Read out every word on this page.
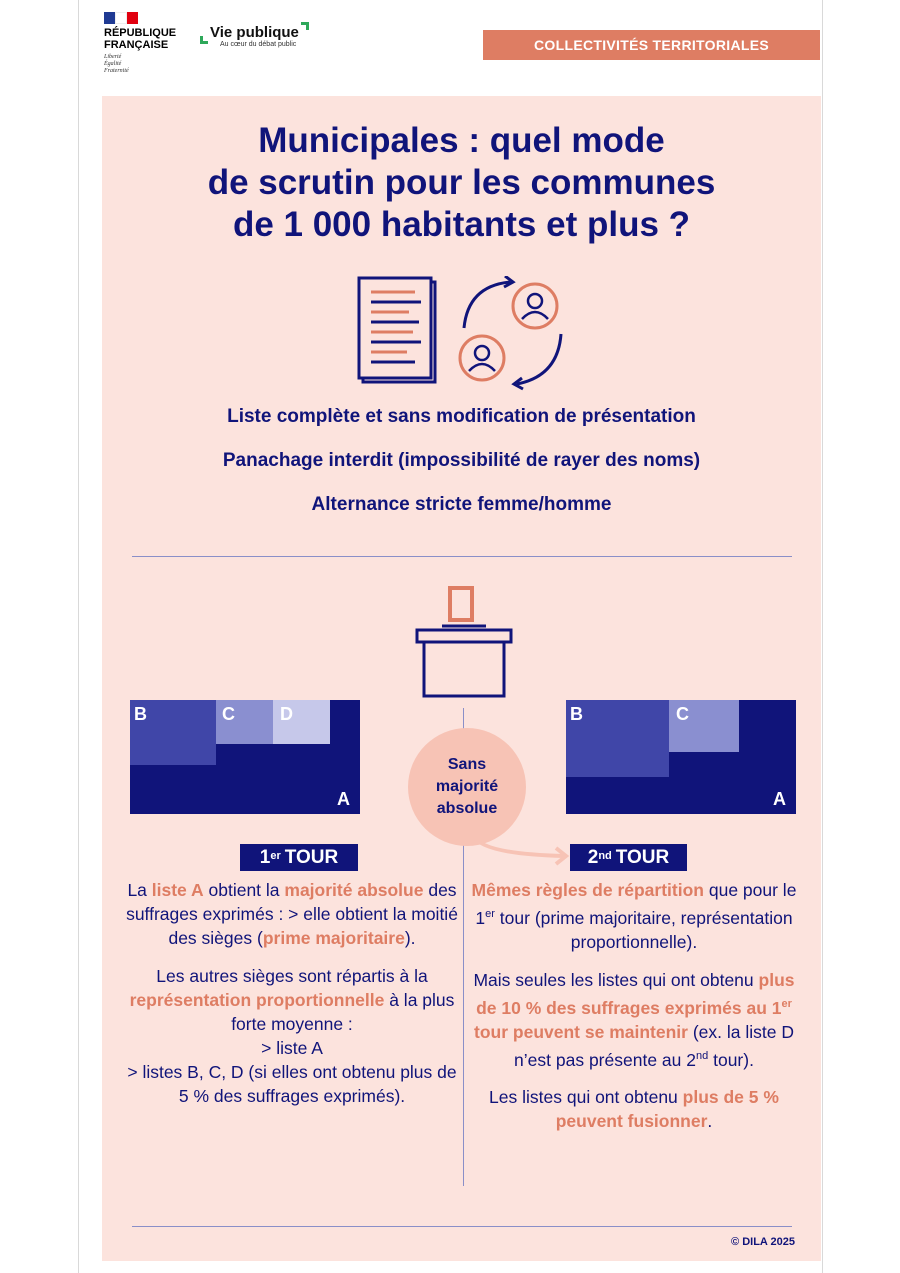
RÉPUBLIQUE
FRANÇAISE
Liberté
Égalité
Fraternité
Vie publique
Au cœur du débat public	COLLECTIVITÉS TERRITORIALES
Municipales : quel mode
de scrutin pour les communes
de 1 000 habitants et plus ?
Liste complète et sans modification de présentation
Panachage interdit (impossibilité de rayer des noms)
Alternance stricte femme/homme
B	C	D
A
B	C
A
Sans
majorité
absolue
1er TOUR	2nd TOUR

La liste A obtient la majorité absolue des suffrages exprimés : > elle obtient la moitié des sièges (prime majoritaire).

Les autres sièges sont répartis à la représentation proportionnelle à la plus forte moyenne :
> liste A
> listes B, C, D (si elles ont obtenu plus de 5 % des suffrages exprimés).

Mêmes règles de répartition que pour le 1er tour (prime majoritaire, représentation proportionnelle).

Mais seules les listes qui ont obtenu plus de 10 % des suffrages exprimés au 1er tour peuvent se maintenir (ex. la liste D n’est pas présente au 2nd tour).

Les listes qui ont obtenu plus de 5 % peuvent fusionner.

© DILA 2025
